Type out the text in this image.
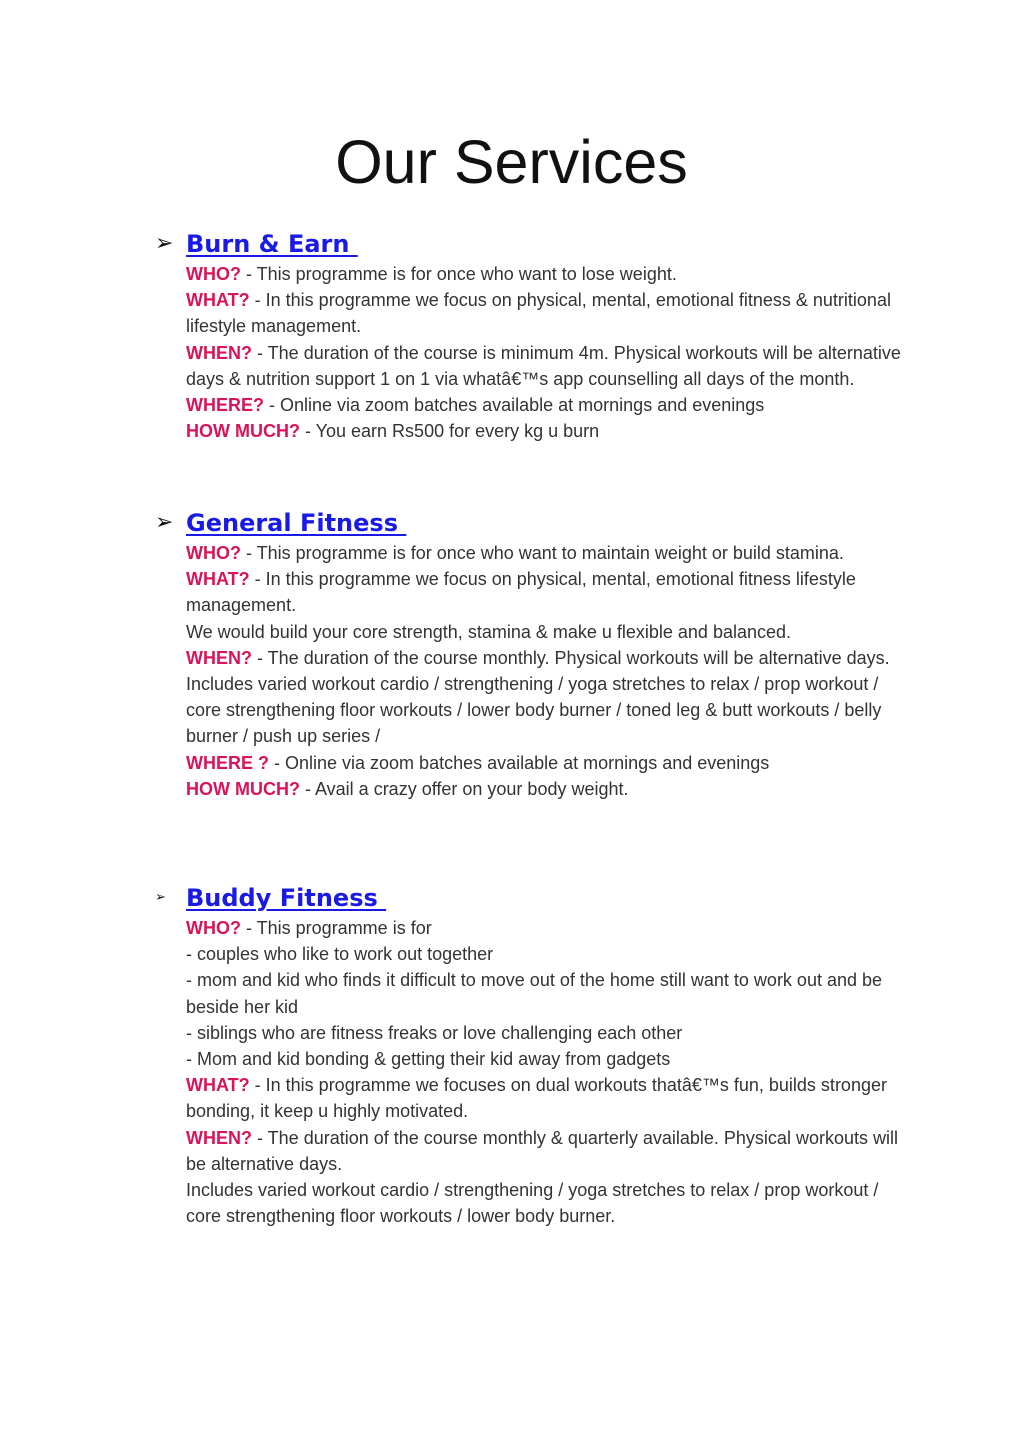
Our Services
➢ Burn & Earn

WHO? - This programme is for once who want to lose weight.

WHAT? - In this programme we focus on physical, mental, emotional fitness & nutritional lifestyle management.

WHEN? - The duration of the course is minimum 4m. Physical workouts will be alternative days & nutrition support 1 on 1 via whatâ€™s app counselling all days of the month.

WHERE? - Online via zoom batches available at mornings and evenings

HOW MUCH? - You earn Rs500 for every kg u burn

➢ General Fitness

WHO? - This programme is for once who want to maintain weight or build stamina.

WHAT? - In this programme we focus on physical, mental, emotional fitness lifestyle management.

We would build your core strength, stamina & make u flexible and balanced.

WHEN? - The duration of the course monthly. Physical workouts will be alternative days. Includes varied workout cardio / strengthening / yoga stretches to relax / prop workout / core strengthening floor workouts / lower body burner / toned leg & butt workouts / belly burner / push up series /

WHERE ? - Online via zoom batches available at mornings and evenings

HOW MUCH? - Avail a crazy offer on your body weight.

➢ Buddy Fitness

WHO? - This programme is for

- couples who like to work out together

- mom and kid who finds it difficult to move out of the home still want to work out and be beside her kid

- siblings who are fitness freaks or love challenging each other

- Mom and kid bonding & getting their kid away from gadgets

WHAT? - In this programme we focuses on dual workouts thatâ€™s fun, builds stronger bonding, it keep u highly motivated.

WHEN? - The duration of the course monthly & quarterly available. Physical workouts will be alternative days.

Includes varied workout cardio / strengthening / yoga stretches to relax / prop workout / core strengthening floor workouts / lower body burner.
